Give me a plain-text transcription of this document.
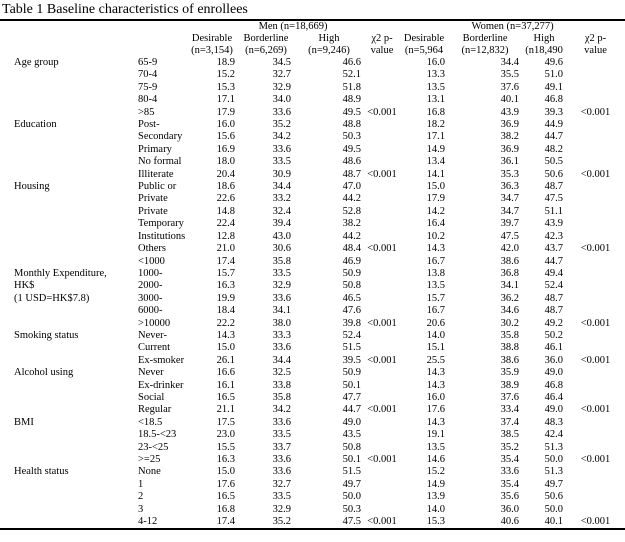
Table 1 Baseline characteristics of enrollees
		Men (n=18,669)				Women (n=37,277)			
		Desirable	Borderline	High	χ2 p-	Desirable	Borderline	High	χ2 p-
		(n=3,154)	(n=6,269)	(n=9,246)	value	(n=5,964	(n=12,832)	(n18,490	value
Age group	65-9	18.9	34.5	46.6		16.0	34.4	49.6	
	70-4	15.2	32.7	52.1		13.3	35.5	51.0	
	75-9	15.3	32.9	51.8		13.5	37.6	49.1	
	80-4	17.1	34.0	48.9		13.1	40.1	46.8	
	>85	17.9	33.6	49.5	<0.001	16.8	43.9	39.3	<0.001
Education	Post-	16.0	35.2	48.8		18.2	36.9	44.9	
	Secondary	15.6	34.2	50.3		17.1	38.2	44.7	
	Primary	16.9	33.6	49.5		14.9	36.9	48.2	
	No formal	18.0	33.5	48.6		13.4	36.1	50.5	
	Illiterate	20.4	30.9	48.7	<0.001	14.1	35.3	50.6	<0.001
Housing	Public or	18.6	34.4	47.0		15.0	36.3	48.7	
	Private	22.6	33.2	44.2		17.9	34.7	47.5	
	Private	14.8	32.4	52.8		14.2	34.7	51.1	
	Temporary	22.4	39.4	38.2		16.4	39.7	43.9	
	Institutions	12.8	43.0	44.2		10.2	47.5	42.3	
	Others	21.0	30.6	48.4	<0.001	14.3	42.0	43.7	<0.001
	<1000	17.4	35.8	46.9		16.7	38.6	44.7	
Monthly Expenditure,	1000-	15.7	33.5	50.9		13.8	36.8	49.4	
HK$	2000-	16.3	32.9	50.8		13.5	34.1	52.4	
(1 USD=HK$7.8)	3000-	19.9	33.6	46.5		15.7	36.2	48.7	
	6000-	18.4	34.1	47.6		16.7	34.6	48.7	
	>10000	22.2	38.0	39.8	<0.001	20.6	30.2	49.2	<0.001
Smoking status	Never-	14.3	33.3	52.4		14.0	35.8	50.2	
	Current	15.0	33.6	51.5		15.1	38.8	46.1	
	Ex-smoker	26.1	34.4	39.5	<0.001	25.5	38.6	36.0	<0.001
Alcohol using	Never	16.6	32.5	50.9		14.3	35.9	49.0	
	Ex-drinker	16.1	33.8	50.1		14.3	38.9	46.8	
	Social	16.5	35.8	47.7		16.0	37.6	46.4	
	Regular	21.1	34.2	44.7	<0.001	17.6	33.4	49.0	<0.001
BMI	<18.5	17.5	33.6	49.0		14.3	37.4	48.3	
	18.5-<23	23.0	33.5	43.5		19.1	38.5	42.4	
	23-<25	15.5	33.7	50.8		13.5	35.2	51.3	
	>=25	16.3	33.6	50.1	<0.001	14.6	35.4	50.0	<0.001
Health status	None	15.0	33.6	51.5		15.2	33.6	51.3	
	1	17.6	32.7	49.7		14.9	35.4	49.7	
	2	16.5	33.5	50.0		13.9	35.6	50.6	
	3	16.8	32.9	50.3		14.0	36.0	50.0	
	4-12	17.4	35.2	47.5	<0.001	15.3	40.6	40.1	<0.001
